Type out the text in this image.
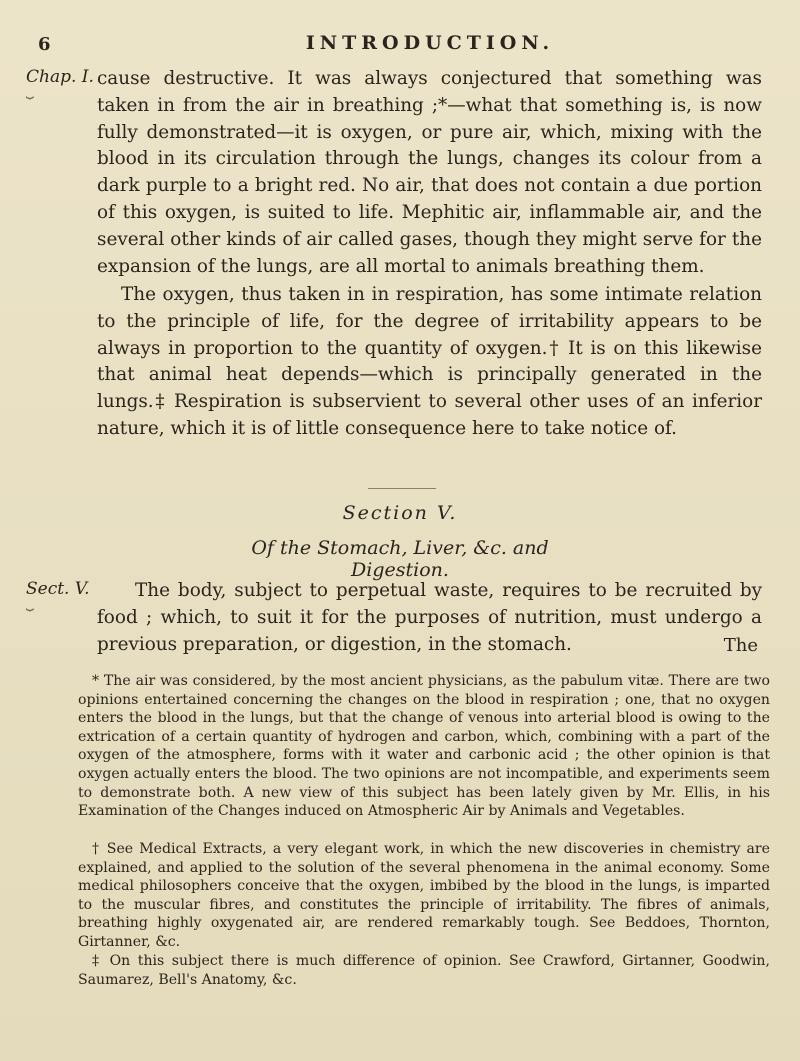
6	INTRODUCTION.
Chap. I.
⏟

cause destructive. It was always conjectured that something was taken in from the air in breathing ;*—what that something is, is now fully demonstrated—it is oxygen, or pure air, which, mixing with the blood in its circulation through the lungs, changes its colour from a dark purple to a bright red. No air, that does not contain a due portion of this oxygen, is suited to life. Mephitic air, inflammable air, and the several other kinds of air called gases, though they might serve for the expansion of the lungs, are all mortal to animals breathing them.

The oxygen, thus taken in in respiration, has some intimate relation to the principle of life, for the degree of irritability appears to be always in proportion to the quantity of oxygen.† It is on this likewise that animal heat depends—which is principally generated in the lungs.‡ Respiration is subservient to several other uses of an inferior nature, which it is of little consequence here to take notice of.

Section V.
Of the Stomach, Liver, &c. and Digestion.
Sect. V.
⏟

The body, subject to perpetual waste, requires to be recruited by food ; which, to suit it for the purposes of nutrition, must undergo a previous preparation, or digestion, in the stomach.	The

* The air was considered, by the most ancient physicians, as the pabulum vitæ. There are two opinions entertained concerning the changes on the blood in respiration ; one, that no oxygen enters the blood in the lungs, but that the change of venous into arterial blood is owing to the extrication of a certain quantity of hydrogen and carbon, which, combining with a part of the oxygen of the atmosphere, forms with it water and carbonic acid ; the other opinion is that oxygen actually enters the blood. The two opinions are not incompatible, and experiments seem to demonstrate both. A new view of this subject has been lately given by Mr. Ellis, in his Examination of the Changes induced on Atmospheric Air by Animals and Vegetables.

† See Medical Extracts, a very elegant work, in which the new discoveries in chemistry are explained, and applied to the solution of the several phenomena in the animal economy. Some medical philosophers conceive that the oxygen, imbibed by the blood in the lungs, is imparted to the muscular fibres, and constitutes the principle of irritability. The fibres of animals, breathing highly oxygenated air, are rendered remarkably tough. See Beddoes, Thornton, Girtanner, &c.

‡ On this subject there is much difference of opinion. See Crawford, Girtanner, Goodwin, Saumarez, Bell's Anatomy, &c.
